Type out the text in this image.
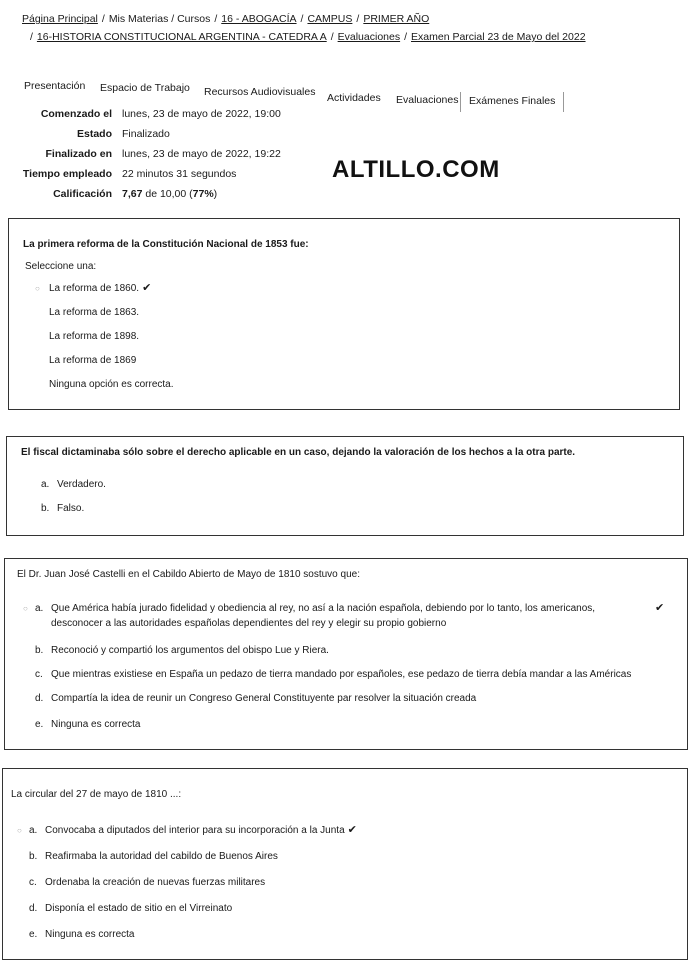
Página Principal / Mis Materias / Cursos / 16 - ABOGACÍA / CAMPUS / PRIMER AÑO
/ 16-HISTORIA CONSTITUCIONAL ARGENTINA - CATEDRA A / Evaluaciones / Examen Parcial 23 de Mayo del 2022
Presentación Espacio de Trabajo Recursos Audiovisuales Actividades Evaluaciones	Exámenes Finales
Comenzado el lunes, 23 de mayo de 2022, 19:00
Estado Finalizado
Finalizado en lunes, 23 de mayo de 2022, 19:22
Tiempo empleado 22 minutos 31 segundos
Calificación 7,67 de 10,00 (77%)
ALTILLO.COM
La primera reforma de la Constitución Nacional de 1853 fue:
Seleccione una:
○ La reforma de 1860. ✔
La reforma de 1863.
La reforma de 1898.
La reforma de 1869
Ninguna opción es correcta.
El fiscal dictaminaba sólo sobre el derecho aplicable en un caso, dejando la valoración de los hechos a la otra parte.
a. Verdadero.
b. Falso.
El Dr. Juan José Castelli en el Cabildo Abierto de Mayo de 1810 sostuvo que:
○ a. Que América había jurado fidelidad y obediencia al rey, no así a la nación española, debiendo por lo tanto, los americanos, desconocer a las autoridades españolas dependientes del rey y elegir su propio gobierno
✔
b. Reconoció y compartió los argumentos del obispo Lue y Riera.
c. Que mientras existiese en España un pedazo de tierra mandado por españoles, ese pedazo de tierra debía mandar a las Américas
d. Compartía la idea de reunir un Congreso General Constituyente par resolver la situación creada
e. Ninguna es correcta
La circular del 27 de mayo de 1810 ...:
○ a. Convocaba a diputados del interior para su incorporación a la Junta ✔
b. Reafirmaba la autoridad del cabildo de Buenos Aires
c. Ordenaba la creación de nuevas fuerzas militares
d. Disponía el estado de sitio en el Virreinato
e. Ninguna es correcta
